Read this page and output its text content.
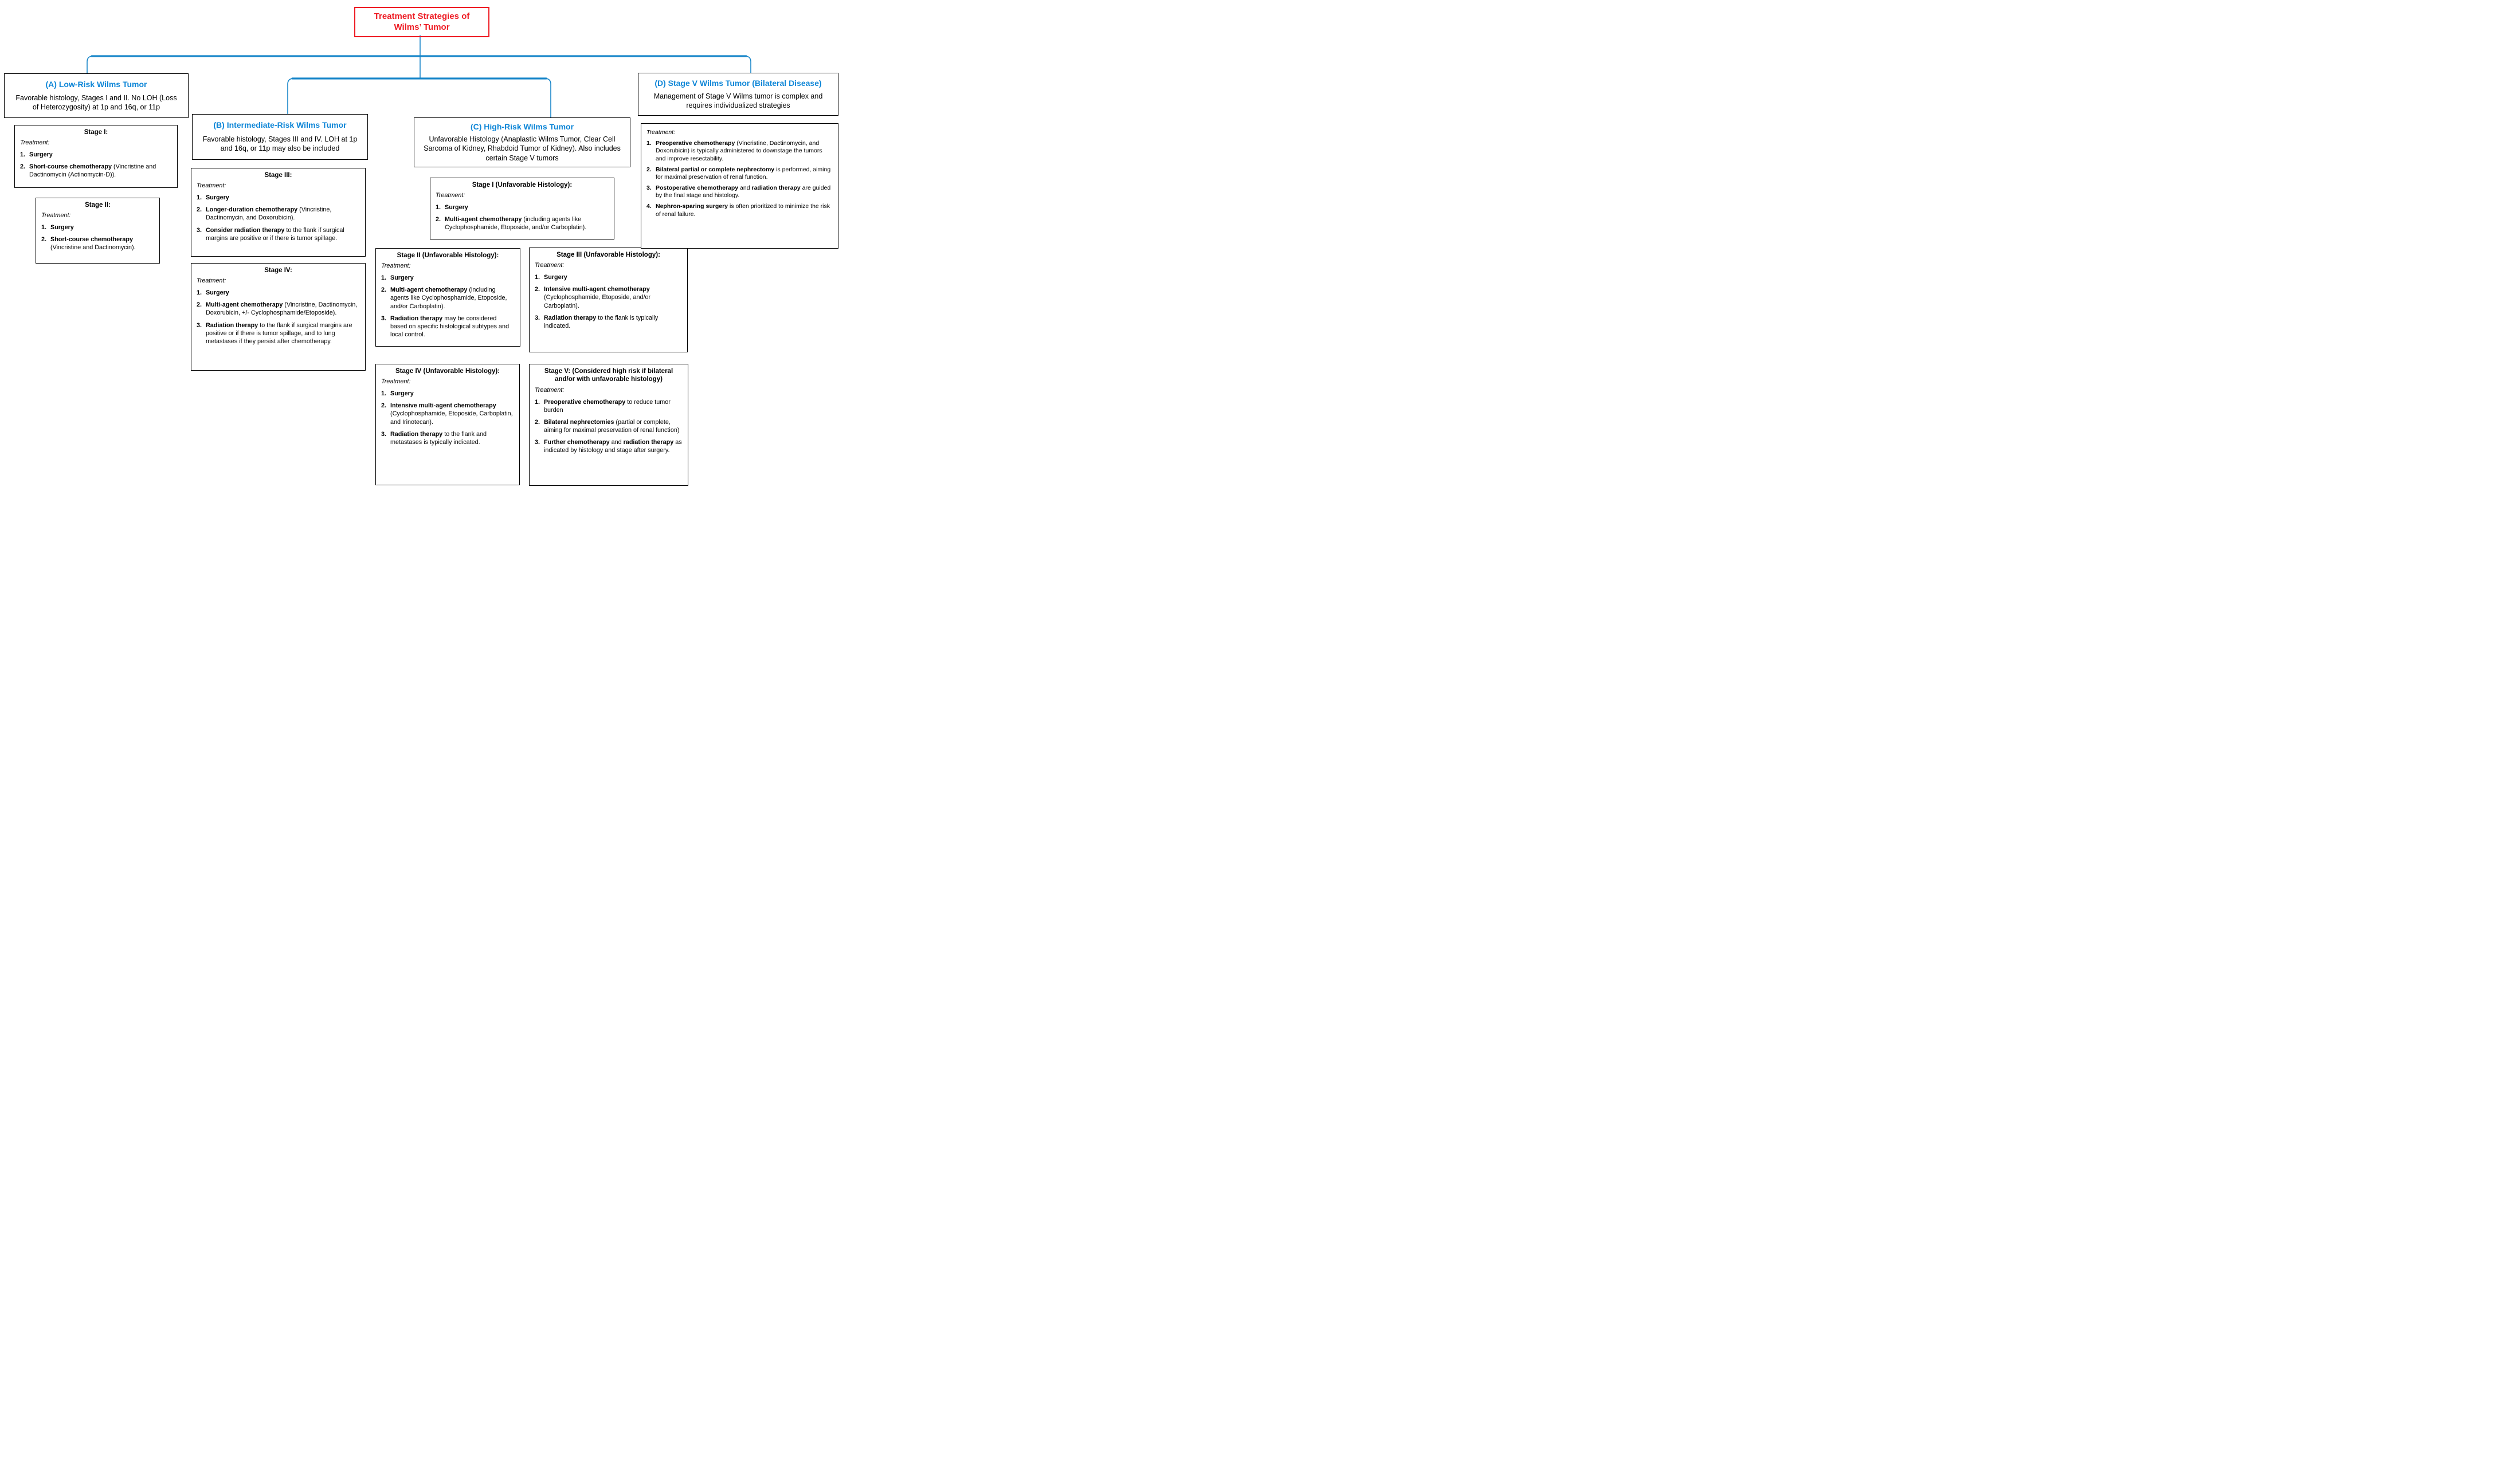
Treatment Strategies of
Wilms’ Tumor
(A) Low-Risk Wilms Tumor
Favorable histology, Stages I and II. No LOH (Loss of Heterozygosity) at 1p and 16q, or 11p
(B) Intermediate-Risk Wilms Tumor
Favorable histology, Stages III and IV. LOH at 1p and 16q, or 11p may also be included
(C) High-Risk Wilms Tumor
Unfavorable Histology (Anaplastic Wilms Tumor, Clear Cell Sarcoma of Kidney, Rhabdoid Tumor of Kidney). Also includes certain Stage V tumors
(D) Stage V Wilms Tumor (Bilateral Disease)
Management of Stage V Wilms tumor is complex and requires individualized strategies
Stage I:
Treatment:
1. Surgery
2. Short-course chemotherapy (Vincristine and Dactinomycin (Actinomycin-D)).
Stage II:
Treatment:
1. Surgery
2. Short-course chemotherapy (Vincristine and Dactinomycin).
Stage III:
Treatment:
1. Surgery
2. Longer-duration chemotherapy (Vincristine, Dactinomycin, and Doxorubicin).
3. Consider radiation therapy to the flank if surgical margins are positive or if there is tumor spillage.
Stage IV:
Treatment:
1. Surgery
2. Multi-agent chemotherapy (Vincristine, Dactinomycin, Doxorubicin, +/- Cyclophosphamide/Etoposide).
3. Radiation therapy to the flank if surgical margins are positive or if there is tumor spillage, and to lung metastases if they persist after chemotherapy.
Stage I (Unfavorable Histology):
Treatment:
1. Surgery
2. Multi-agent chemotherapy (including agents like Cyclophosphamide, Etoposide, and/or Carboplatin).
Stage II (Unfavorable Histology):
Treatment:
1. Surgery
2. Multi-agent chemotherapy (including agents like Cyclophosphamide, Etoposide, and/or Carboplatin).
3. Radiation therapy may be considered based on specific histological subtypes and local control.
Stage III (Unfavorable Histology):
Treatment:
1. Surgery
2. Intensive multi-agent chemotherapy (Cyclophosphamide, Etoposide, and/or Carboplatin).
3. Radiation therapy to the flank is typically indicated.
Stage IV (Unfavorable Histology):
Treatment:
1. Surgery
2. Intensive multi-agent chemotherapy (Cyclophosphamide, Etoposide, Carboplatin, and Irinotecan).
3. Radiation therapy to the flank and metastases is typically indicated.
Stage V: (Considered high risk if bilateral and/or with unfavorable histology)
Treatment:
1. Preoperative chemotherapy to reduce tumor burden
2. Bilateral nephrectomies (partial or complete, aiming for maximal preservation of renal function)
3. Further chemotherapy and radiation therapy as indicated by histology and stage after surgery.
Treatment:
1. Preoperative chemotherapy (Vincristine, Dactinomycin, and Doxorubicin) is typically administered to downstage the tumors and improve resectability.
2. Bilateral partial or complete nephrectomy is performed, aiming for maximal preservation of renal function.
3. Postoperative chemotherapy and radiation therapy are guided by the final stage and histology.
4. Nephron-sparing surgery is often prioritized to minimize the risk of renal failure.
